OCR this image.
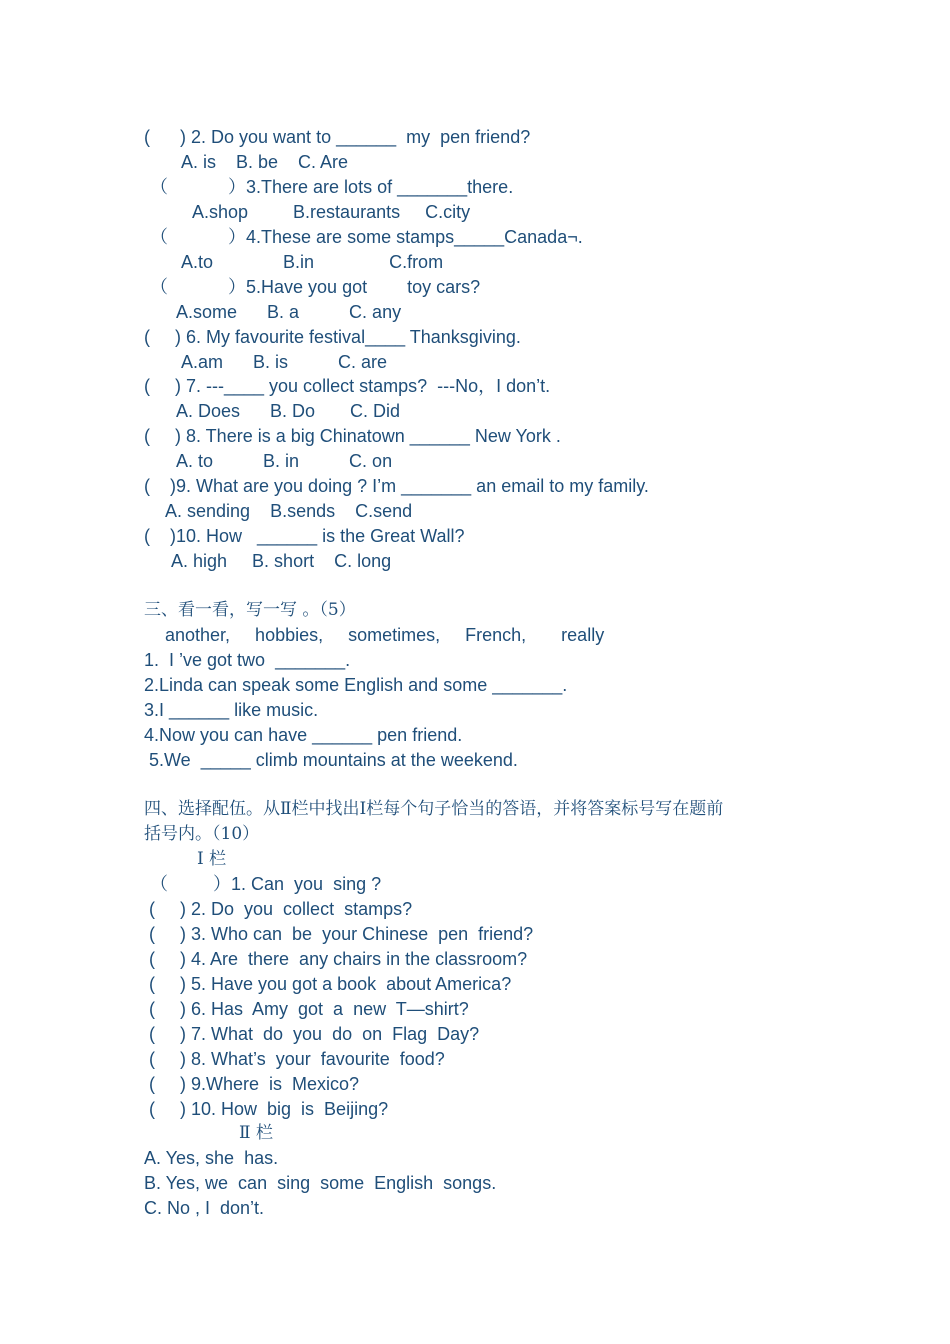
(      ) 2. Do you want to ______  my  pen friend?
A. is    B. be    C. Are
（            ）3.There are lots of _______there.
A.shop         B.restaurants     C.city
（            ）4.These are some stamps_____Canada¬.
A.to              B.in               C.from
（            ）5.Have you got        toy cars?
A.some      B. a          C. any
(     ) 6. My favourite festival____ Thanksgiving.
A.am      B. is          C. are
(     ) 7. ---____ you collect stamps?  ---No，I don’t.
A. Does      B. Do       C. Did
(     ) 8. There is a big Chinatown ______ New York .
A. to          B. in          C. on
(    )9. What are you doing ? I’m _______ an email to my family.
A. sending    B.sends    C.send
(    )10. How   ______ is the Great Wall?
A. high     B. short    C. long
三、看一看，写一写 。（5）
another,     hobbies,     sometimes,     French,       really
1.  I ’ve got two  _______.
2.Linda can speak some English and some _______.
3.I ______ like music.
4.Now you can have ______ pen friend.
5.We  _____ climb mountains at the weekend.
四、选择配伍。从Ⅱ栏中找出Ⅰ栏每个句子恰当的答语，并将答案标号写在题前
括号内。（10）
Ⅰ 栏
（         ）1. Can  you  sing ?
(     ) 2. Do  you  collect  stamps?
(     ) 3. Who can  be  your Chinese  pen  friend?
(     ) 4. Are  there  any chairs in the classroom?
(     ) 5. Have you got a book  about America?
(     ) 6. Has  Amy  got  a  new  T—shirt?
(     ) 7. What  do  you  do  on  Flag  Day?
(     ) 8. What’s  your  favourite  food?
(     ) 9.Where  is  Mexico?
(     ) 10. How  big  is  Beijing?
Ⅱ 栏
A. Yes, she  has.
B. Yes, we  can  sing  some  English  songs.
C. No , I  don’t.
